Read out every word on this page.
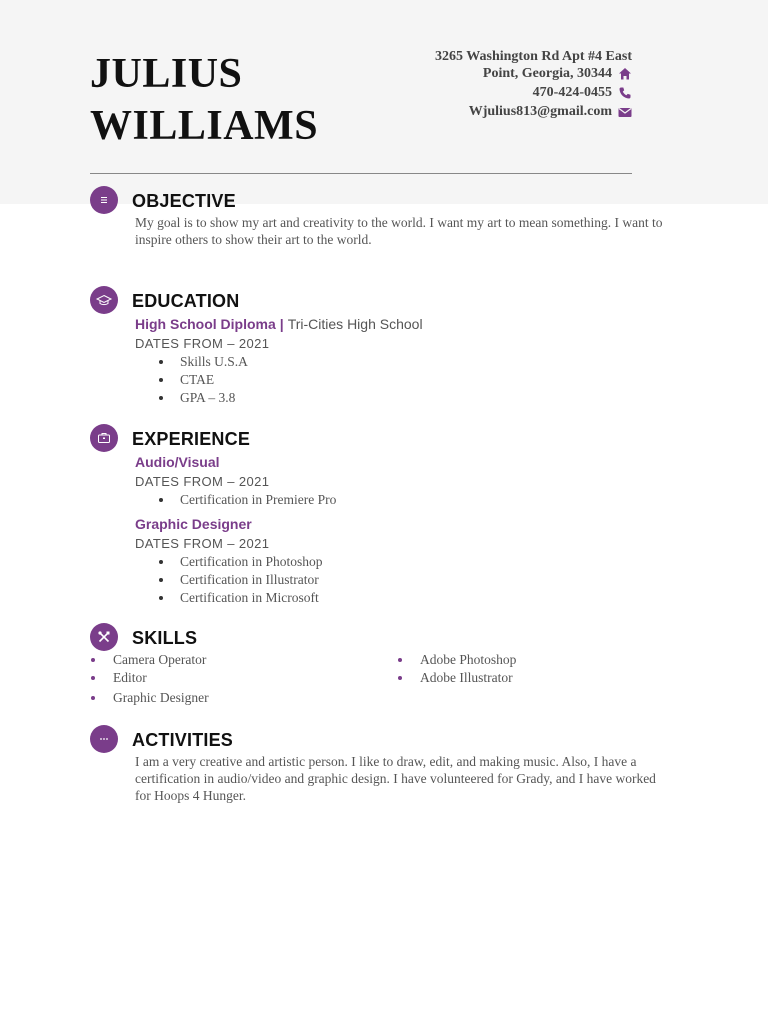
JULIUS
WILLIAMS
3265 Washington Rd Apt #4 East
Point, Georgia, 30344
470-424-0455
Wjulius813@gmail.com
OBJECTIVE
My goal is to show my art and creativity to the world. I want my art to mean something. I want to
inspire others to show their art to the world.
EDUCATION
High School Diploma | Tri-Cities High School
DATES FROM – 2021
Skills U.S.A
CTAE
GPA – 3.8
EXPERIENCE
Audio/Visual
DATES FROM – 2021
Certification in Premiere Pro
Graphic Designer
DATES FROM – 2021
Certification in Photoshop
Certification in Illustrator
Certification in Microsoft
SKILLS
Camera Operator
Editor
Graphic Designer
Adobe Photoshop
Adobe Illustrator
ACTIVITIES
I am a very creative and artistic person. I like to draw, edit, and making music. Also, I have a
certification in audio/video and graphic design. I have volunteered for Grady, and I have worked
for Hoops 4 Hunger.
